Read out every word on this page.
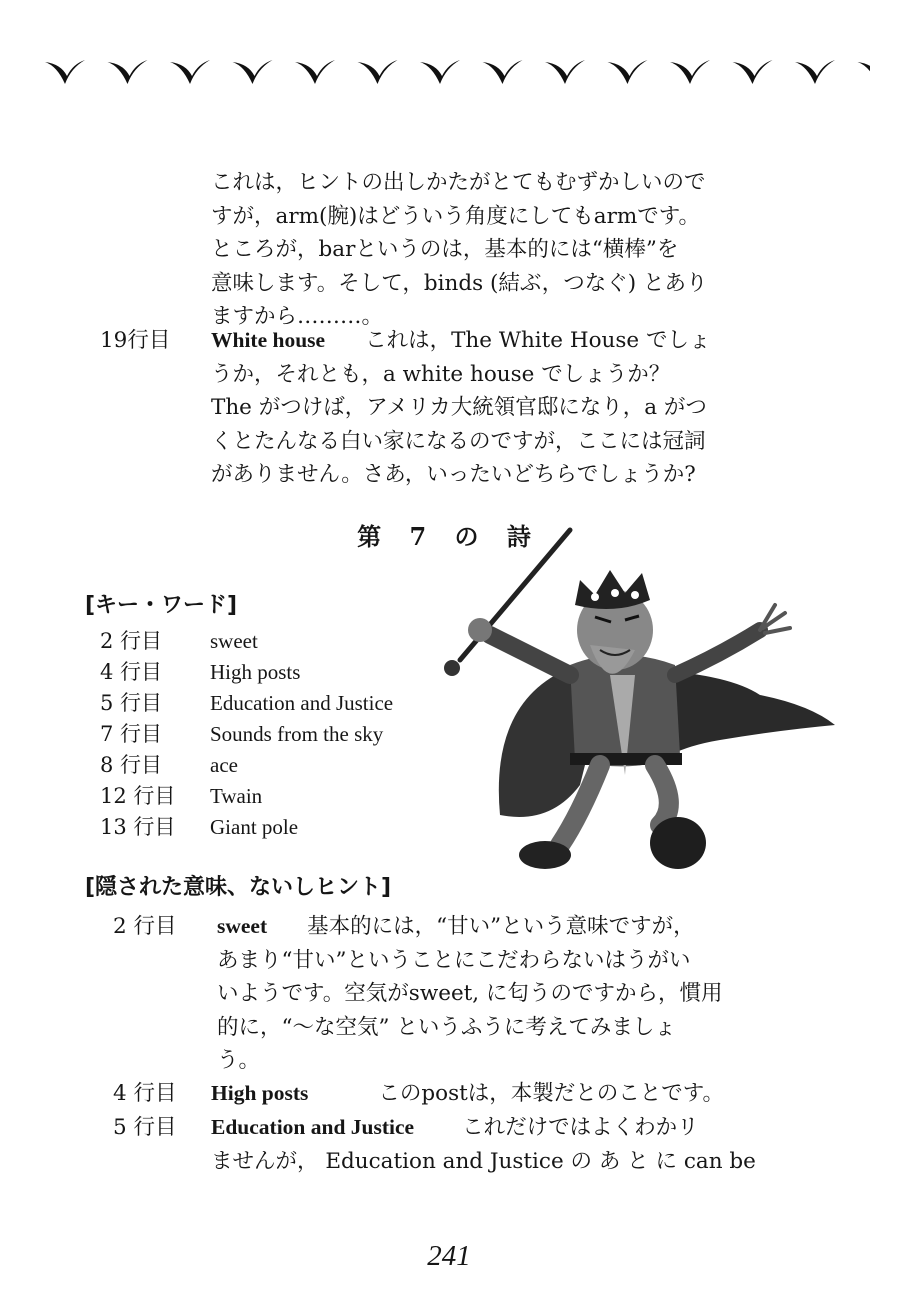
これは，ヒントの出しかたがとてもむずかしいので
すが，arm(腕)はどういう角度にしてもarmです。
ところが，barというのは，基本的には“横棒”を
意味します。そして，binds (結ぶ，つなぐ) とあり
ますから………。
19行目 White house これは，The White House でしょ
うか，それとも，a white house でしょうか？
The がつけば，アメリカ大統領官邸になり，a がつ
くとたんなる白い家になるのですが，ここには冠詞
がありません。さあ，いったいどちらでしょうか?
第 7 の 詩
[キー・ワード]
2 行目 sweet
4 行目 High posts
5 行目 Education and Justice
7 行目 Sounds from the sky
8 行目 ace
12 行目 Twain
13 行目 Giant pole
[隠された意味、ないしヒント]
2 行目 sweet 基本的には，“甘い”という意味ですが，
あまり“甘い”ということにこだわらないはうがい
いようです。空気がsweet, に匂うのですから，慣用
的に，“～な空気” というふうに考えてみましょ
う。
4 行目 High posts	このpostは，本製だとのことです。
5 行目 Education and Justice これだけではよくわかリ
ませんが， Education and Justice の あ と に can be
241
